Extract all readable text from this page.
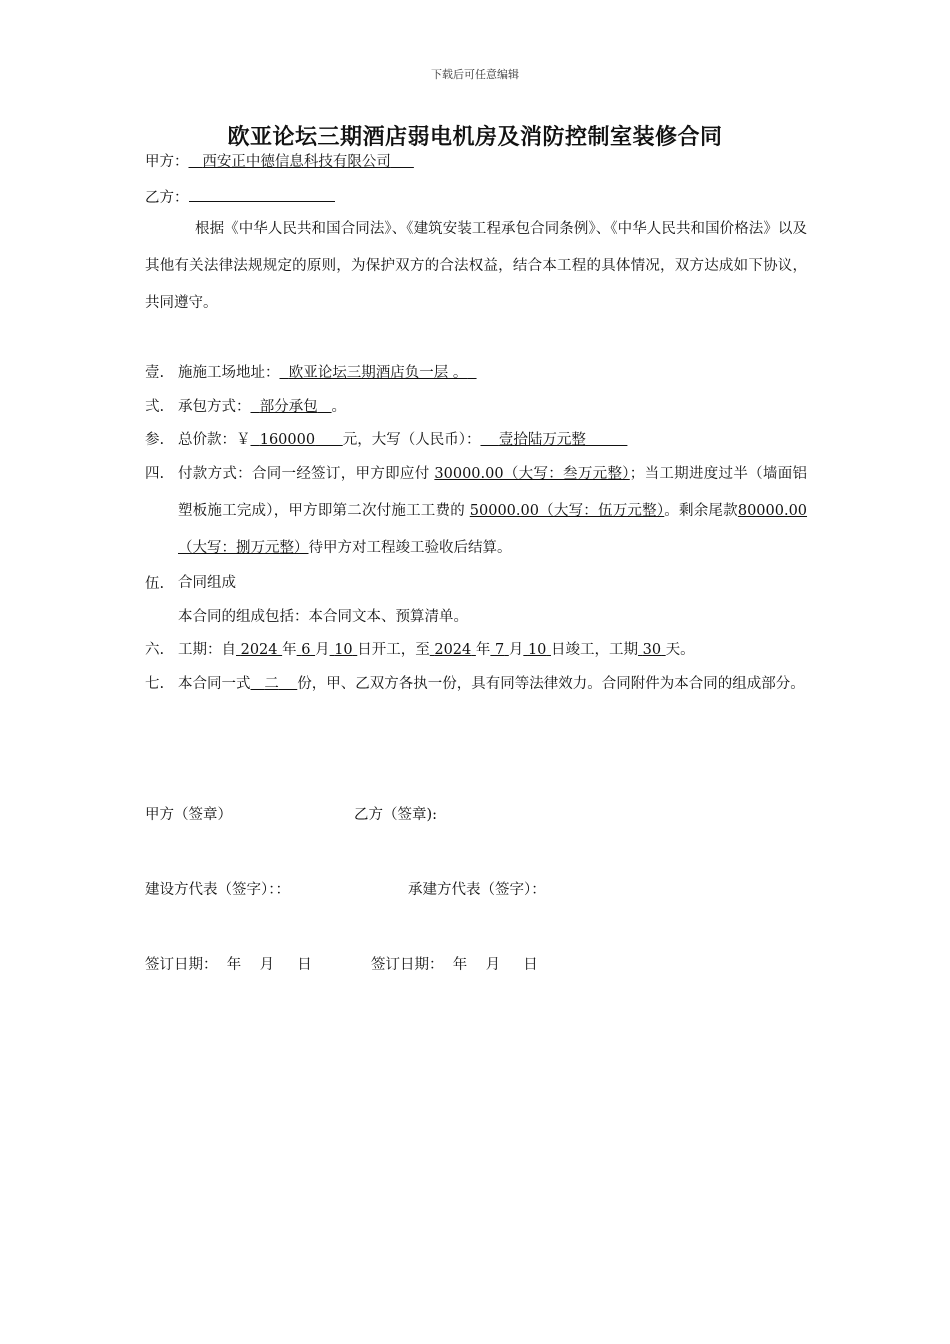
下载后可任意编辑
欧亚论坛三期酒店弱电机房及消防控制室装修合同
甲方： 西安正中德信息科技有限公司
乙方：
根据《中华人民共和国合同法》、《建筑安装工程承包合同条例》、《中华人民共和国价格法》以及其他有关法律法规规定的原则，为保护双方的合法权益，结合本工程的具体情况，双方达成如下协议，共同遵守。
壹. 施施工场地址： 欧亚论坛三期酒店负一层 。
弍. 承包方式： 部分承包 。
参. 总价款：￥ 160000 元，大写（人民币）： 壹拾陆万元整
四. 付款方式：合同一经签订，甲方即应付 30000.00（大写：叁万元整）；当工期进度过半（墙面铝塑板施工完成），甲方即第二次付施工工费的 50000.00（大写：伍万元整）。剩余尾款80000.00（大写：捌万元整）待甲方对工程竣工验收后结算。
伍. 合同组成
本合同的组成包括：本合同文本、预算清单。
六. 工期：自 2024 年 6 月 10 日开工，至 2024 年 7 月 10 日竣工，工期 30 天。
七. 本合同一式 二 份，甲、乙双方各执一份，具有同等法律效力。合同附件为本合同的组成部分。
甲方（签章）	乙方（签章):
建设方代表（签字）：：	承建方代表（签字）：
签订日期：  年    月     日	签订日期：  年    月     日
